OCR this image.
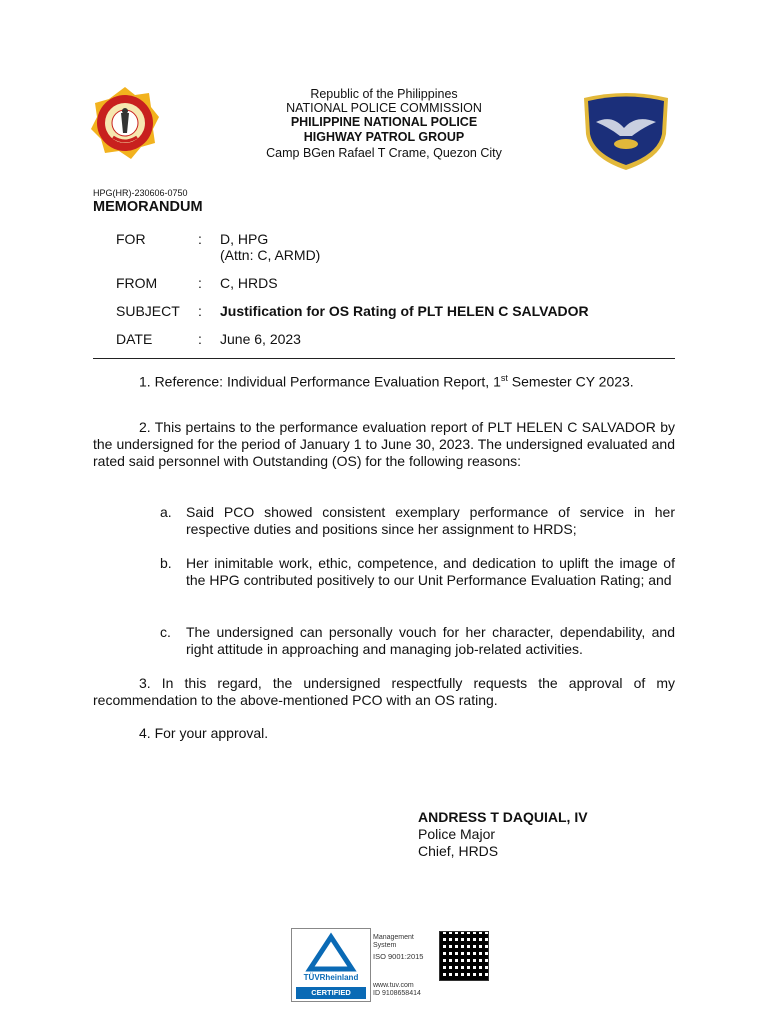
Republic of the Philippines
NATIONAL POLICE COMMISSION
PHILIPPINE NATIONAL POLICE
HIGHWAY PATROL GROUP
Camp BGen Rafael T Crame, Quezon City
HPG(HR)-230606-0750
MEMORANDUM
FOR	: D, HPG
(Attn: C, ARMD)
FROM	: C, HRDS
SUBJECT	: Justification for OS Rating of PLT HELEN C SALVADOR
DATE	: June 6, 2023
1. Reference: Individual Performance Evaluation Report, 1st Semester CY 2023.
2. This pertains to the performance evaluation report of PLT HELEN C SALVADOR by the undersigned for the period of January 1 to June 30, 2023. The undersigned evaluated and rated said personnel with Outstanding (OS) for the following reasons:
a. Said PCO showed consistent exemplary performance of service in her respective duties and positions since her assignment to HRDS;
b. Her inimitable work, ethic, competence, and dedication to uplift the image of the HPG contributed positively to our Unit Performance Evaluation Rating; and
c. The undersigned can personally vouch for her character, dependability, and right attitude in approaching and managing job-related activities.
3. In this regard, the undersigned respectfully requests the approval of my recommendation to the above-mentioned PCO with an OS rating.
4. For your approval.
ANDRESS T DAQUIAL, IV
Police Major
Chief, HRDS
TÜVRheinland
CERTIFIED
Management
System
ISO 9001:2015
www.tuv.com
ID 9108658414
